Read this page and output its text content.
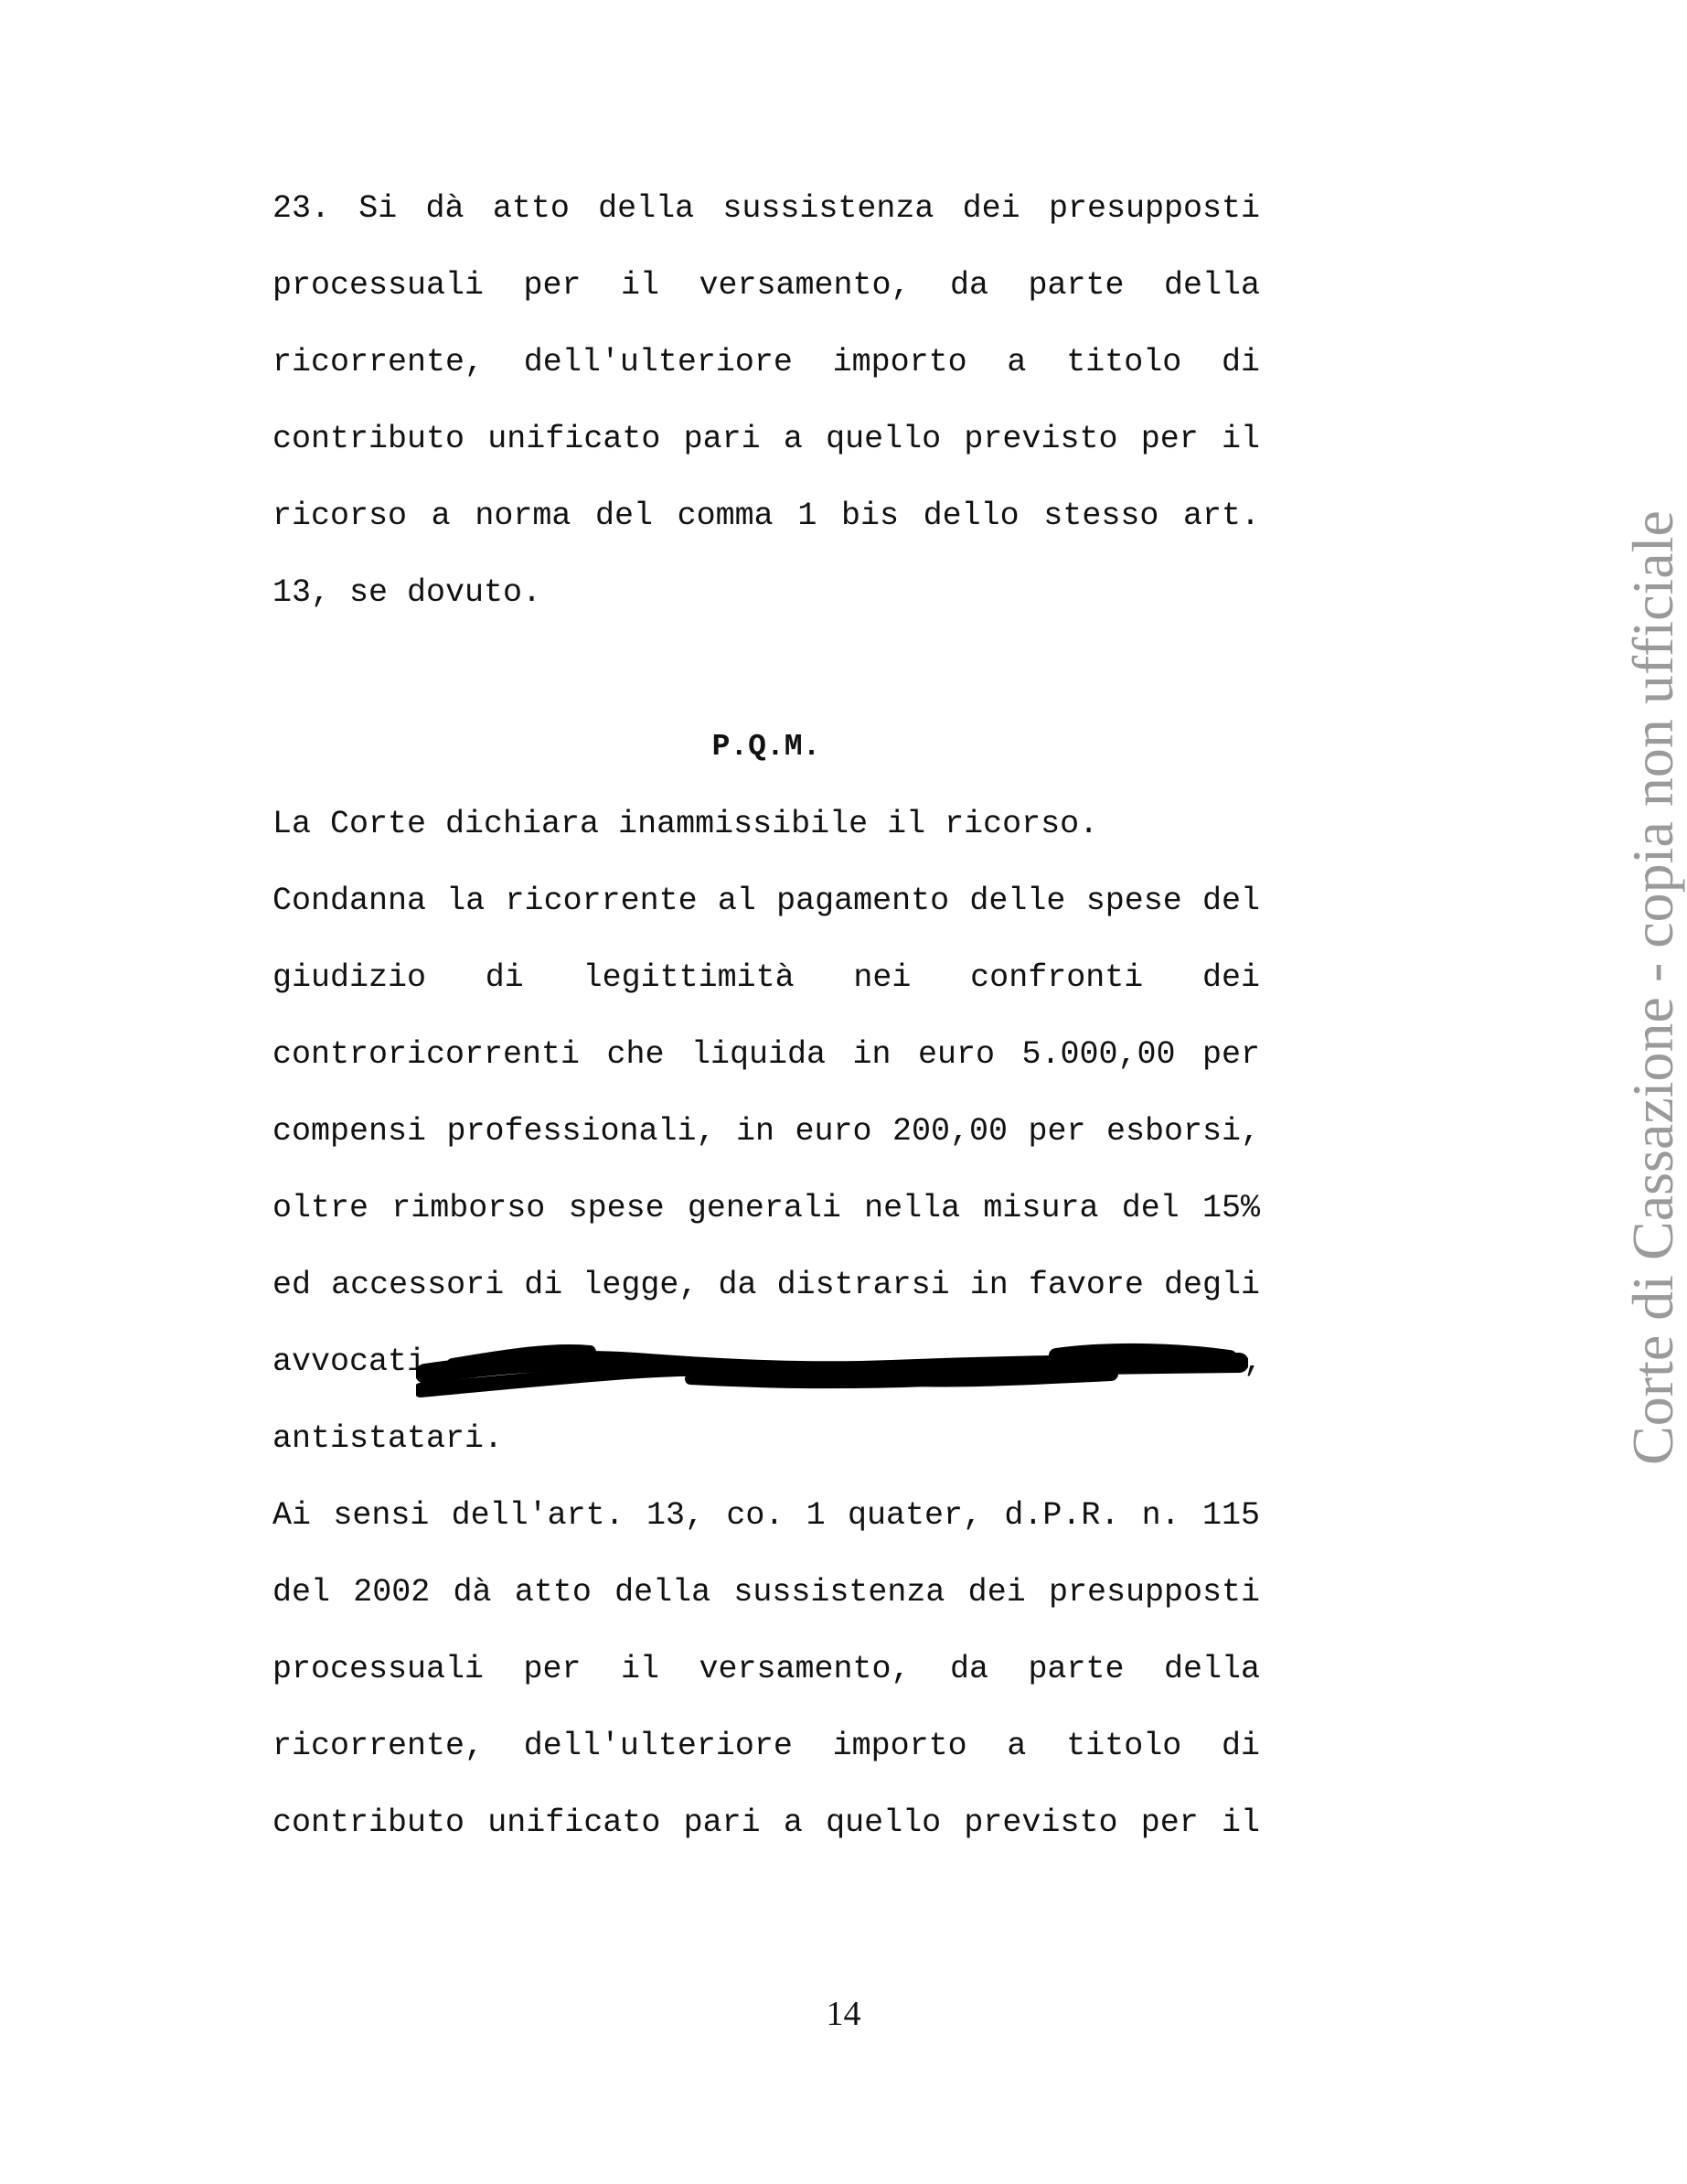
23. Si dà atto della sussistenza dei presupposti
processuali per il versamento, da parte della
ricorrente, dell'ulteriore importo a titolo di
contributo unificato pari a quello previsto per il
ricorso a norma del comma 1 bis dello stesso art.
13, se dovuto.
P.Q.M.
La Corte dichiara inammissibile il ricorso.
Condanna la ricorrente al pagamento delle spese del
giudizio di legittimità nei confronti dei
controricorrenti che liquida in euro 5.000,00 per
compensi professionali, in euro 200,00 per esborsi,
oltre rimborso spese generali nella misura del 15%
ed accessori di legge, da distrarsi in favore degli
avvocati	,
antistatari.
Ai sensi dell'art. 13, co. 1 quater, d.P.R. n. 115
del 2002 dà atto della sussistenza dei presupposti
processuali per il versamento, da parte della
ricorrente, dell'ulteriore importo a titolo di
contributo unificato pari a quello previsto per il
Corte di Cassazione - copia non ufficiale
14
